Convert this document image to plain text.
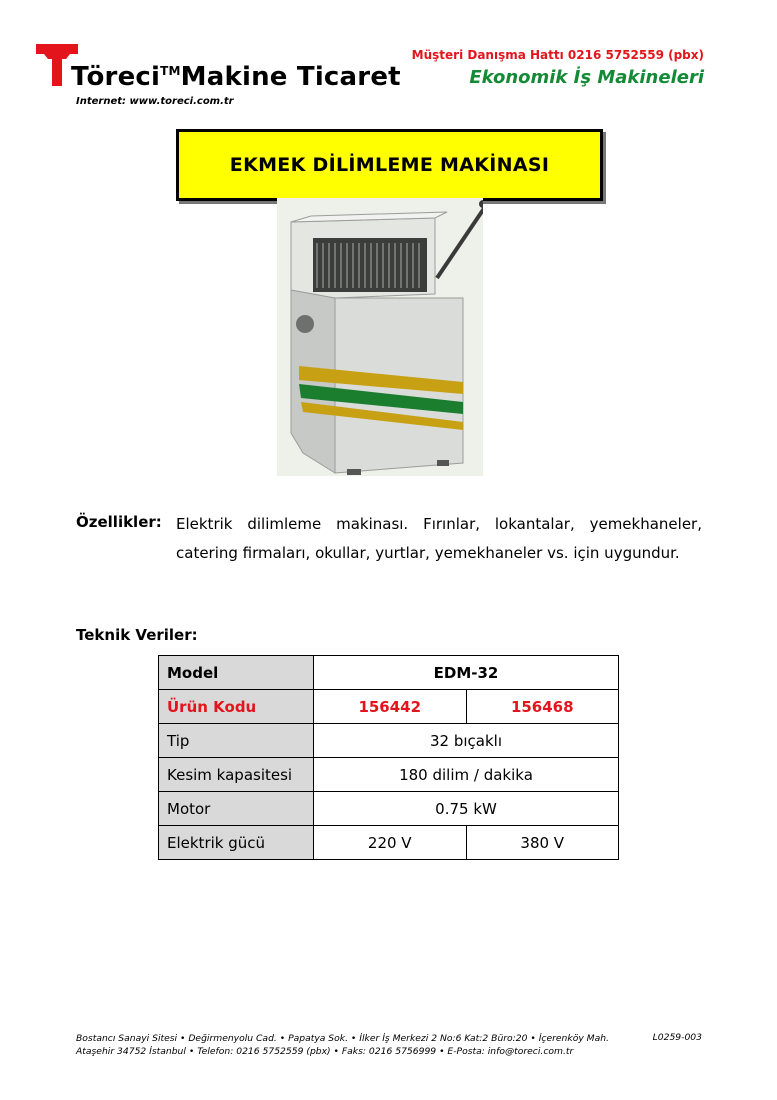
Töreci™Makine Ticaret
Internet: www.toreci.com.tr
Müşteri Danışma Hattı 0216 5752559 (pbx)
Ekonomik İş Makineleri
EKMEK DİLİMLEME MAKİNASI
Özellikler: Elektrik dilimleme makinası. Fırınlar, lokantalar, yemekhaneler, catering firmaları, okullar, yurtlar, yemekhaneler vs. için uygundur.
Teknik Veriler:
Model	EDM-32	
Ürün Kodu	156442	156468
Tip	32 bıçaklı	
Kesim kapasitesi	180 dilim / dakika	
Motor	0.75 kW	
Elektrik gücü	220 V	380 V
Bostancı Sanayi Sitesi • Değirmenyolu Cad. • Papatya Sok. • İlker İş Merkezi 2 No:6 Kat:2 Büro:20 • İçerenköy Mah.
Ataşehir 34752 İstanbul • Telefon: 0216 5752559 (pbx) • Faks: 0216 5756999 • E-Posta: info@toreci.com.tr
L0259-003
